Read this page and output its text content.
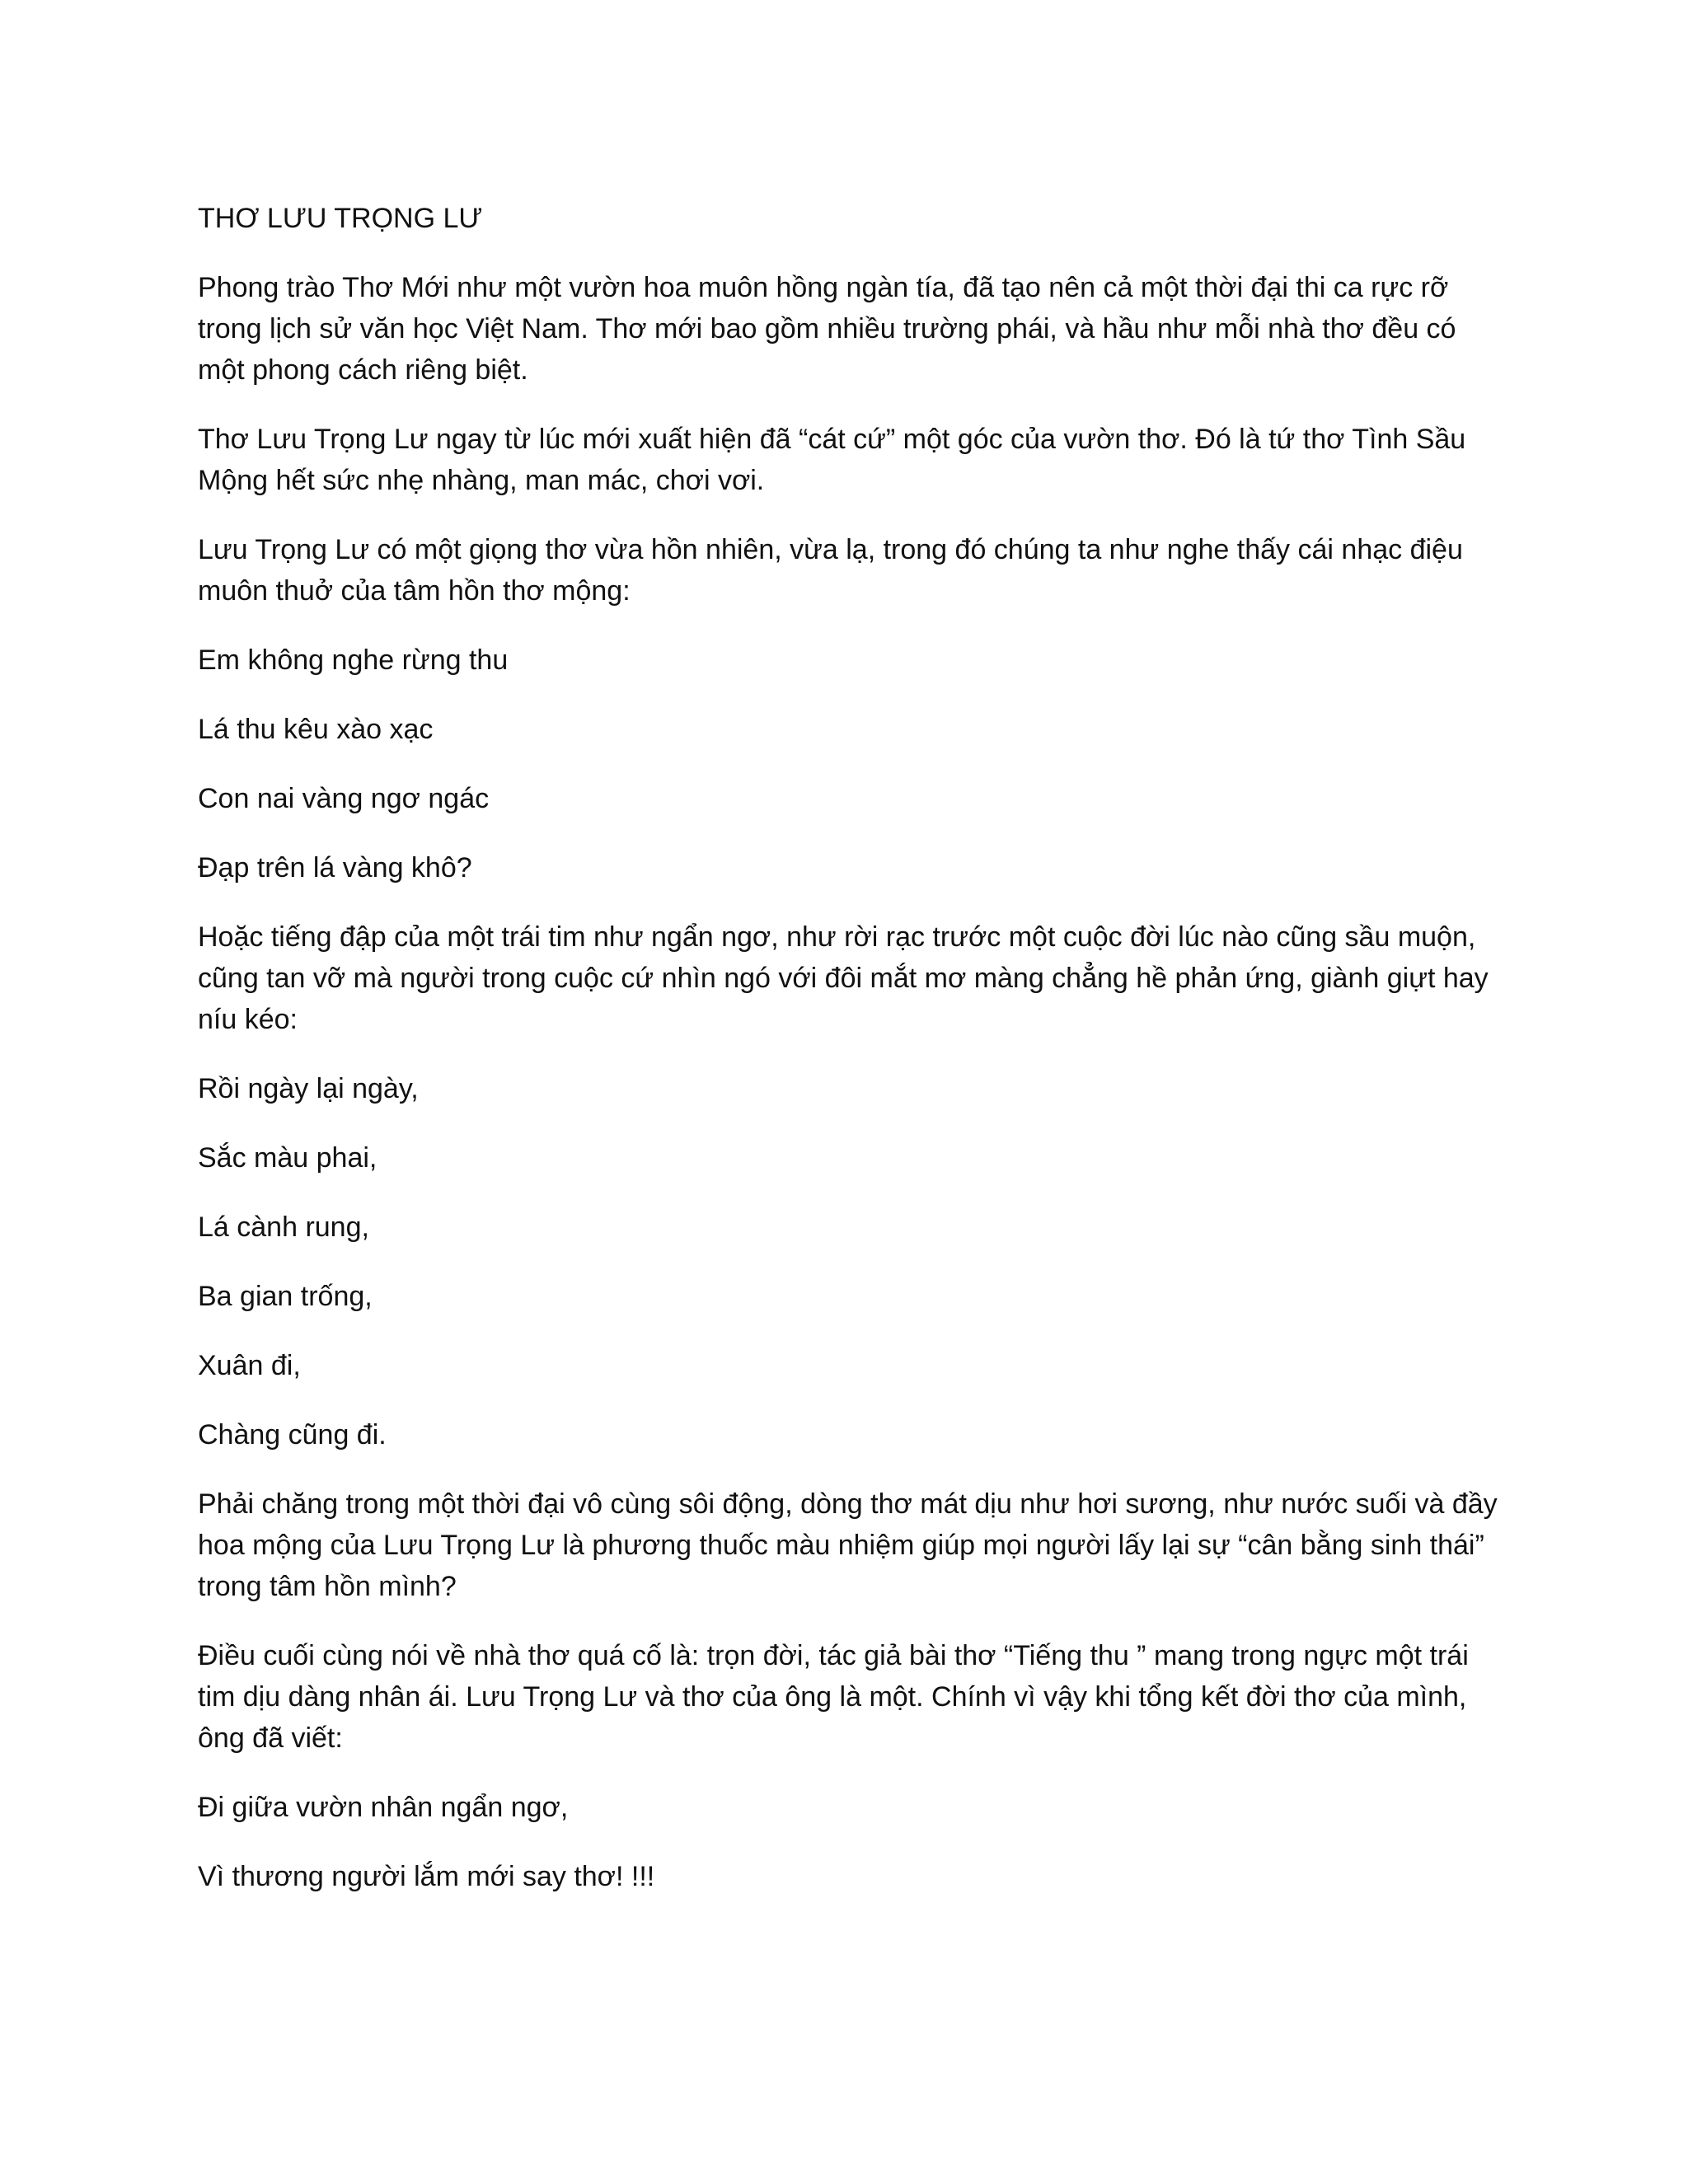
THƠ LƯU TRỌNG LƯ

Phong trào Thơ Mới như một vườn hoa muôn hồng ngàn tía, đã tạo nên cả một thời đại thi ca rực rỡ trong lịch sử văn học Việt Nam. Thơ mới bao gồm nhiều trường phái, và hầu như mỗi nhà thơ đều có một phong cách riêng biệt.

Thơ Lưu Trọng Lư ngay từ lúc mới xuất hiện đã “cát cứ” một góc của vườn thơ. Đó là tứ thơ Tình Sầu Mộng hết sức nhẹ nhàng, man mác, chơi vơi.

Lưu Trọng Lư có một giọng thơ vừa hồn nhiên, vừa lạ, trong đó chúng ta như nghe thấy cái nhạc điệu muôn thuở của tâm hồn thơ mộng:

Em không nghe rừng thu

Lá thu kêu xào xạc

Con nai vàng ngơ ngác

Đạp trên lá vàng khô?

Hoặc tiếng đập của một trái tim như ngẩn ngơ, như rời rạc trước một cuộc đời lúc nào cũng sầu muộn, cũng tan vỡ mà người trong cuộc cứ nhìn ngó với đôi mắt mơ màng chẳng hề phản ứng, giành giựt hay níu kéo:

Rồi ngày lại ngày,

Sắc màu phai,

Lá cành rung,

Ba gian trống,

Xuân đi,

Chàng cũng đi.

Phải chăng trong một thời đại vô cùng sôi động, dòng thơ mát dịu như hơi sương, như nước suối và đầy hoa mộng của Lưu Trọng Lư là phương thuốc màu nhiệm giúp mọi người lấy lại sự “cân bằng sinh thái” trong tâm hồn mình?

Điều cuối cùng nói về nhà thơ quá cố là: trọn đời, tác giả bài thơ “Tiếng thu ” mang trong ngực một trái tim dịu dàng nhân ái. Lưu Trọng Lư và thơ của ông là một. Chính vì vậy khi tổng kết đời thơ của mình, ông đã viết:

Đi giữa vườn nhân ngẩn ngơ,

Vì thương người lắm mới say thơ! !!!
